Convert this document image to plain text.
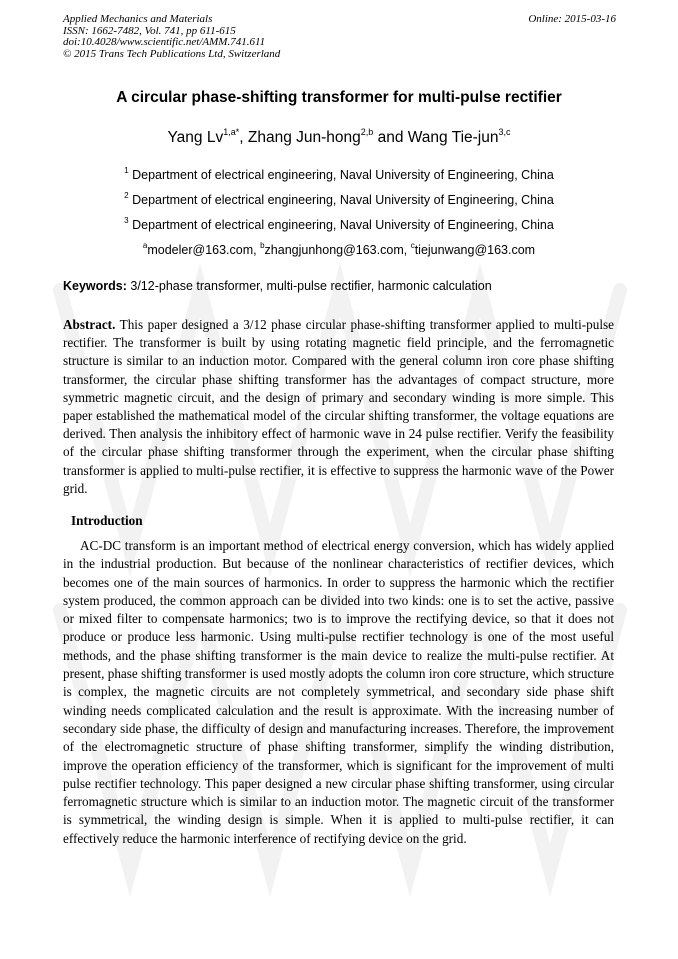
Applied Mechanics and Materials
ISSN: 1662-7482, Vol. 741, pp 611-615
doi:10.4028/www.scientific.net/AMM.741.611
© 2015 Trans Tech Publications Ltd, Switzerland
Online: 2015-03-16
A circular phase-shifting transformer for multi-pulse rectifier
Yang $Lv^{1,a*}$, Zhang Jun-hong$^{2,b}$ and Wang Tie-jun$^{3,c}$
$^1$ Department of electrical engineering, Naval University of Engineering, China
$^2$ Department of electrical engineering, Naval University of Engineering, China
$^3$ Department of electrical engineering, Naval University of Engineering, China
$^a$modeler@163.com, $^b$zhangjunhong@163.com, $^c$tiejunwang@163.com
Keywords: 3/12-phase transformer, multi-pulse rectifier, harmonic calculation
Abstract. This paper designed a 3/12 phase circular phase-shifting transformer applied to multi-pulse rectifier. The transformer is built by using rotating magnetic field principle, and the ferromagnetic structure is similar to an induction motor. Compared with the general column iron core phase shifting transformer, the circular phase shifting transformer has the advantages of compact structure, more symmetric magnetic circuit, and the design of primary and secondary winding is more simple. This paper established the mathematical model of the circular shifting transformer, the voltage equations are derived. Then analysis the inhibitory effect of harmonic wave in 24 pulse rectifier. Verify the feasibility of the circular phase shifting transformer through the experiment, when the circular phase shifting transformer is applied to multi-pulse rectifier, it is effective to suppress the harmonic wave of the Power grid.
Introduction
AC-DC transform is an important method of electrical energy conversion, which has widely applied in the industrial production. But because of the nonlinear characteristics of rectifier devices, which becomes one of the main sources of harmonics. In order to suppress the harmonic which the rectifier system produced, the common approach can be divided into two kinds: one is to set the active, passive or mixed filter to compensate harmonics; two is to improve the rectifying device, so that it does not produce or produce less harmonic. Using multi-pulse rectifier technology is one of the most useful methods, and the phase shifting transformer is the main device to realize the multi-pulse rectifier. At present, phase shifting transformer is used mostly adopts the column iron core structure, which structure is complex, the magnetic circuits are not completely symmetrical, and secondary side phase shift winding needs complicated calculation and the result is approximate. With the increasing number of secondary side phase, the difficulty of design and manufacturing increases. Therefore, the improvement of the electromagnetic structure of phase shifting transformer, simplify the winding distribution, improve the operation efficiency of the transformer, which is significant for the improvement of multi pulse rectifier technology. This paper designed a new circular phase shifting transformer, using circular ferromagnetic structure which is similar to an induction motor. The magnetic circuit of the transformer is symmetrical, the winding design is simple. When it is applied to multi-pulse rectifier, it can effectively reduce the harmonic interference of rectifying device on the grid.
